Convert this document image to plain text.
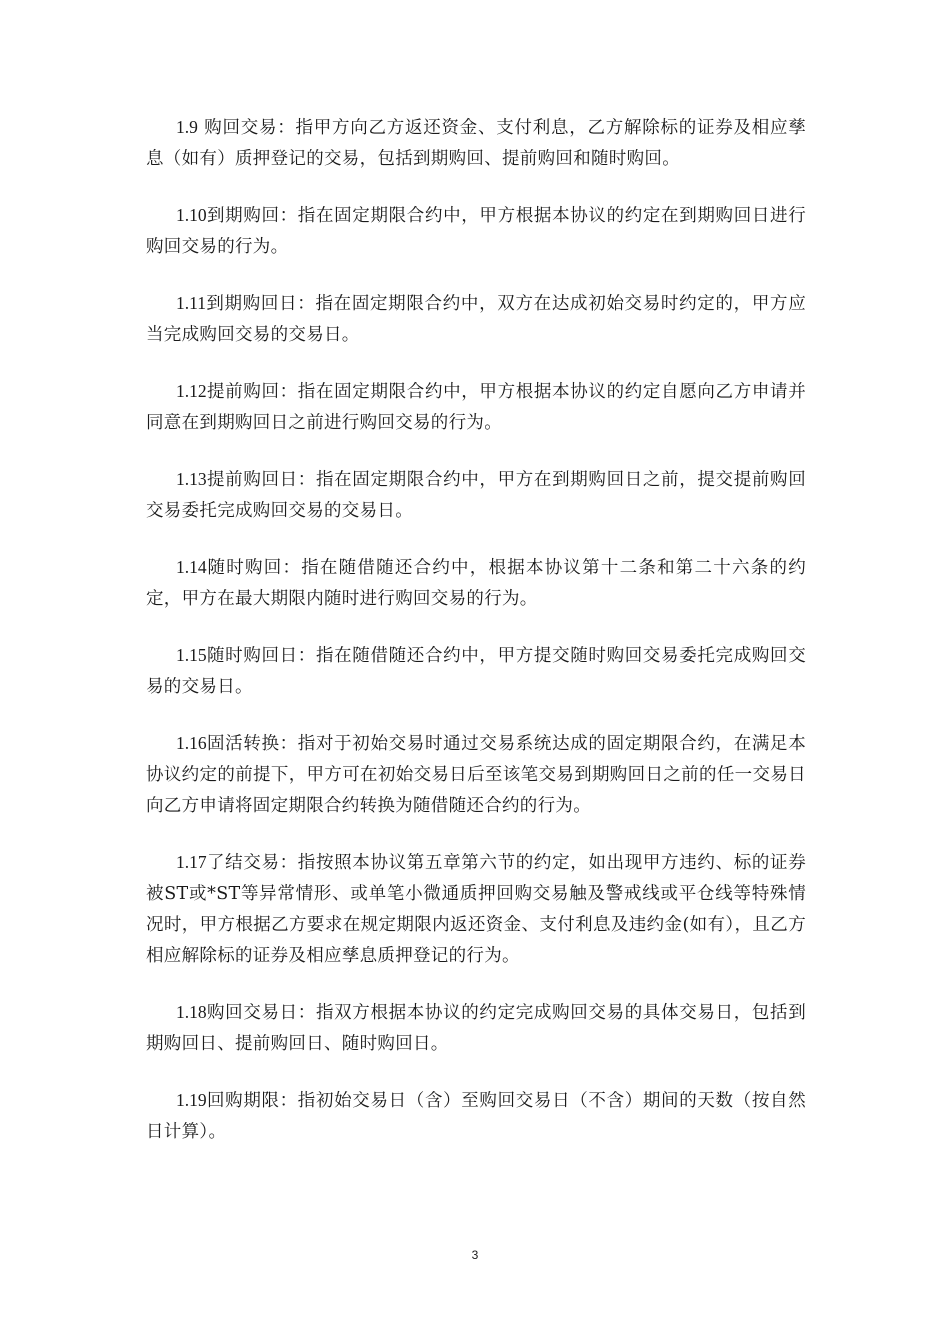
1.9 购回交易：指甲方向乙方返还资金、支付利息，乙方解除标的证券及相应孳息（如有）质押登记的交易，包括到期购回、提前购回和随时购回。

1.10到期购回：指在固定期限合约中，甲方根据本协议的约定在到期购回日进行购回交易的行为。

1.11到期购回日：指在固定期限合约中，双方在达成初始交易时约定的，甲方应当完成购回交易的交易日。

1.12提前购回：指在固定期限合约中，甲方根据本协议的约定自愿向乙方申请并同意在到期购回日之前进行购回交易的行为。

1.13提前购回日：指在固定期限合约中，甲方在到期购回日之前，提交提前购回交易委托完成购回交易的交易日。

1.14随时购回：指在随借随还合约中，根据本协议第十二条和第二十六条的约定，甲方在最大期限内随时进行购回交易的行为。

1.15随时购回日：指在随借随还合约中，甲方提交随时购回交易委托完成购回交易的交易日。

1.16固活转换：指对于初始交易时通过交易系统达成的固定期限合约，在满足本协议约定的前提下，甲方可在初始交易日后至该笔交易到期购回日之前的任一交易日向乙方申请将固定期限合约转换为随借随还合约的行为。

1.17了结交易：指按照本协议第五章第六节的约定，如出现甲方违约、标的证券被ST或*ST等异常情形、或单笔小微通质押回购交易触及警戒线或平仓线等特殊情况时，甲方根据乙方要求在规定期限内返还资金、支付利息及违约金(如有），且乙方相应解除标的证券及相应孳息质押登记的行为。

1.18购回交易日：指双方根据本协议的约定完成购回交易的具体交易日，包括到期购回日、提前购回日、随时购回日。

1.19回购期限：指初始交易日（含）至购回交易日（不含）期间的天数（按自然日计算）。

3
